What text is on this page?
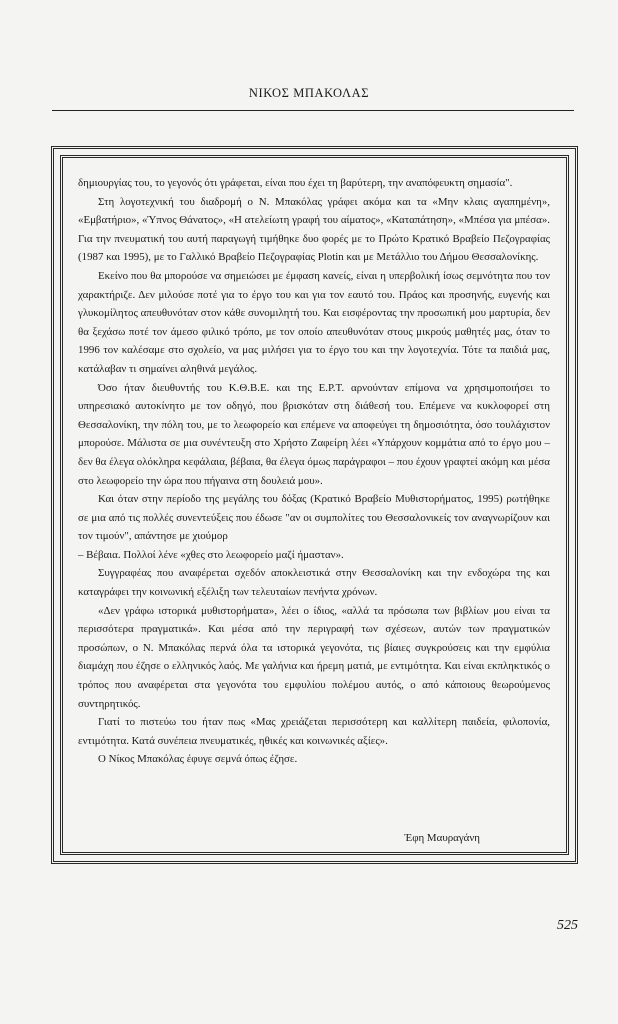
ΝΙΚΟΣ ΜΠΑΚΟΛΑΣ

δημιουργίας του, το γεγονός ότι γράφεται, είναι που έχει τη βαρύτερη, την αναπόφευκτη σημασία".

Στη λογοτεχνική του διαδρομή ο Ν. Μπακόλας γράφει ακόμα και τα «Μην κλαις αγαπημένη», «Εμβατήριο», «Ύπνος Θάνατος», «Η ατελείωτη γραφή του αίματος», «Καταπάτηση», «Μπέσα για μπέσα». Για την πνευματική του αυτή παραγωγή τιμήθηκε δυο φορές με το Πρώτο Κρατικό Βραβείο Πεζογραφίας (1987 και 1995), με το Γαλλικό Βραβείο Πεζογραφίας Plotin και με Μετάλλιο του Δήμου Θεσσαλονίκης.

Εκείνο που θα μπορούσε να σημειώσει με έμφαση κανείς, είναι η υπερβολική ίσως σεμνότητα που τον χαρακτήριζε. Δεν μιλούσε ποτέ για το έργο του και για τον εαυτό του. Πράος και προσηνής, ευγενής και γλυκομίλητος απευθυνόταν στον κάθε συνομιλητή του. Και εισφέροντας την προσωπική μου μαρτυρία, δεν θα ξεχάσω ποτέ τον άμεσο φιλικό τρόπο, με τον οποίο απευθυνόταν στους μικρούς μαθητές μας, όταν το 1996 τον καλέσαμε στο σχολείο, να μας μιλήσει για το έργο του και την λογοτεχνία. Τότε τα παιδιά μας, κατάλαβαν τι σημαίνει αληθινά μεγάλος.

Όσο ήταν διευθυντής του Κ.Θ.Β.Ε. και της Ε.Ρ.Τ. αρνούνταν επίμονα να χρησιμοποιήσει το υπηρεσιακό αυτοκίνητο με τον οδηγό, που βρισκόταν στη διάθεσή του. Επέμενε να κυκλοφορεί στη Θεσσαλονίκη, την πόλη του, με το λεωφορείο και επέμενε να αποφεύγει τη δημοσιότητα, όσο τουλάχιστον μπορούσε. Μάλιστα σε μια συνέντευξη στο Χρήστο Ζαφείρη λέει «Υπάρχουν κομμάτια από το έργο μου – δεν θα έλεγα ολόκληρα κεφάλαια, βέβαια, θα έλεγα όμως παράγραφοι – που έχουν γραφτεί ακόμη και μέσα στο λεωφορείο την ώρα που πήγαινα στη δουλειά μου».

Και όταν στην περίοδο της μεγάλης του δόξας (Κρατικό Βραβείο Μυθιστορήματος, 1995) ρωτήθηκε σε μια από τις πολλές συνεντεύξεις που έδωσε "αν οι συμπολίτες του Θεσσαλονικείς τον αναγνωρίζουν και τον τιμούν", απάντησε με χιούμορ

– Βέβαια. Πολλοί λένε «χθες στο λεωφορείο μαζί ήμασταν».

Συγγραφέας που αναφέρεται σχεδόν αποκλειστικά στην Θεσσαλονίκη και την ενδοχώρα της και καταγράφει την κοινωνική εξέλιξη των τελευταίων πενήντα χρόνων.

«Δεν γράφω ιστορικά μυθιστορήματα», λέει ο ίδιος, «αλλά τα πρόσωπα των βιβλίων μου είναι τα περισσότερα πραγματικά». Και μέσα από την περιγραφή των σχέσεων, αυτών των πραγματικών προσώπων, ο Ν. Μπακόλας περνά όλα τα ιστορικά γεγονότα, τις βίαιες συγκρούσεις και την εμφύλια διαμάχη που έζησε ο ελληνικός λαός. Με γαλήνια και ήρεμη ματιά, με εντιμότητα. Και είναι εκπληκτικός ο τρόπος που αναφέρεται στα γεγονότα του εμφυλίου πολέμου αυτός, ο από κάποιους θεωρούμενος συντηρητικός.

Γιατί το πιστεύω του ήταν πως «Μας χρειάζεται περισσότερη και καλλίτερη παιδεία, φιλοπονία, εντιμότητα. Κατά συνέπεια πνευματικές, ηθικές και κοινωνικές αξίες».

Ο Νίκος Μπακόλας έφυγε σεμνά όπως έζησε.

Έφη Μαυραγάνη
525
